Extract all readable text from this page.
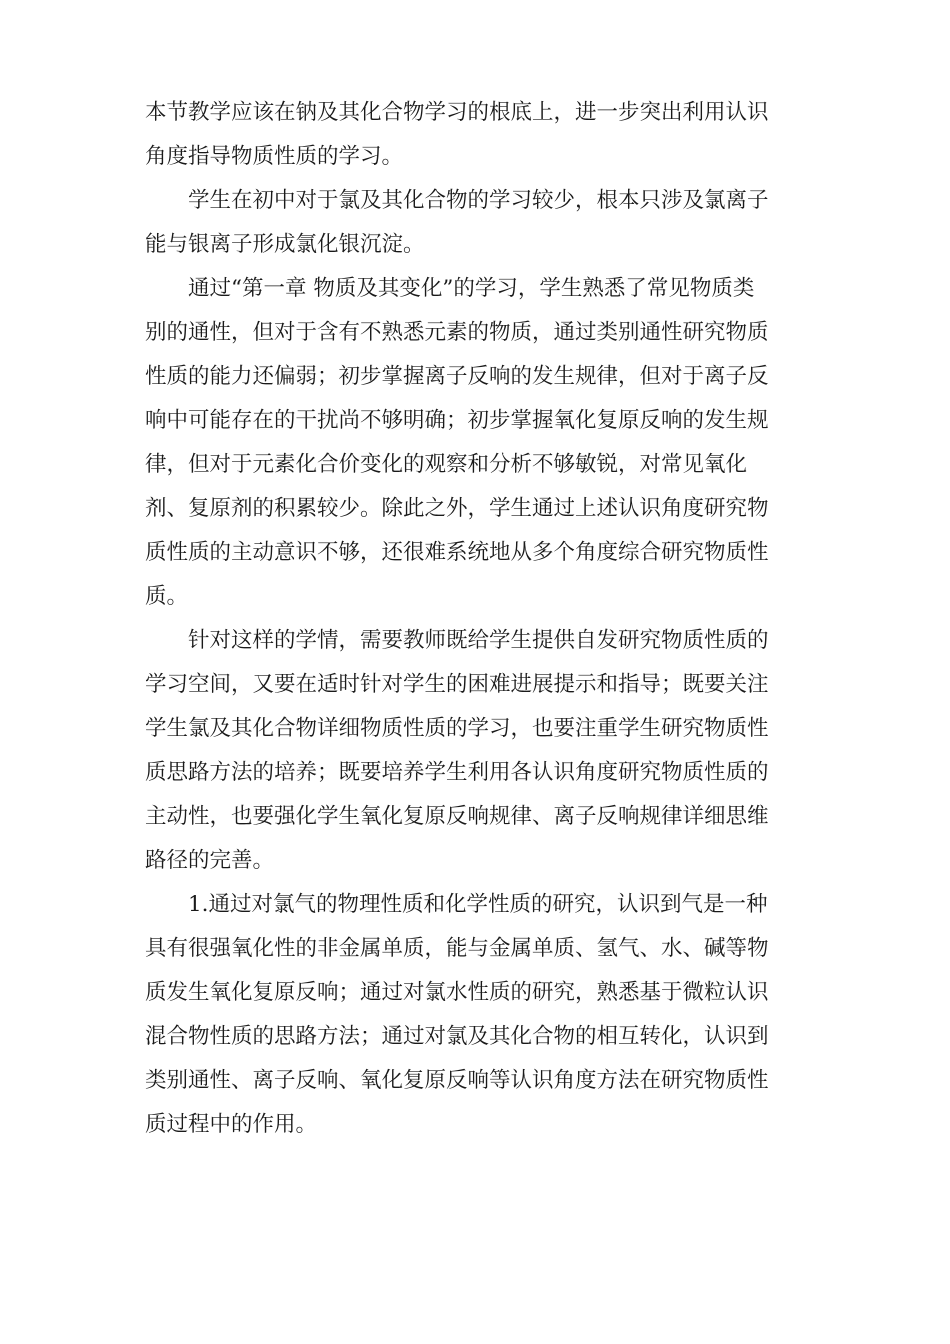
本节教学应该在钠及其化合物学习的根底上，进一步突出利用认识
角度指导物质性质的学习。
学生在初中对于氯及其化合物的学习较少，根本只涉及氯离子
能与银离子形成氯化银沉淀。
通过“第一章 物质及其变化”的学习，学生熟悉了常见物质类
别的通性，但对于含有不熟悉元素的物质，通过类别通性研究物质
性质的能力还偏弱；初步掌握离子反响的发生规律，但对于离子反
响中可能存在的干扰尚不够明确；初步掌握氧化复原反响的发生规
律，但对于元素化合价变化的观察和分析不够敏锐，对常见氧化
剂、复原剂的积累较少。除此之外，学生通过上述认识角度研究物
质性质的主动意识不够，还很难系统地从多个角度综合研究物质性
质。
针对这样的学情，需要教师既给学生提供自发研究物质性质的
学习空间，又要在适时针对学生的困难进展提示和指导；既要关注
学生氯及其化合物详细物质性质的学习，也要注重学生研究物质性
质思路方法的培养；既要培养学生利用各认识角度研究物质性质的
主动性，也要强化学生氧化复原反响规律、离子反响规律详细思维
路径的完善。
1.通过对氯气的物理性质和化学性质的研究，认识到气是一种
具有很强氧化性的非金属单质，能与金属单质、氢气、水、碱等物
质发生氧化复原反响；通过对氯水性质的研究，熟悉基于微粒认识
混合物性质的思路方法；通过对氯及其化合物的相互转化，认识到
类别通性、离子反响、氧化复原反响等认识角度方法在研究物质性
质过程中的作用。
